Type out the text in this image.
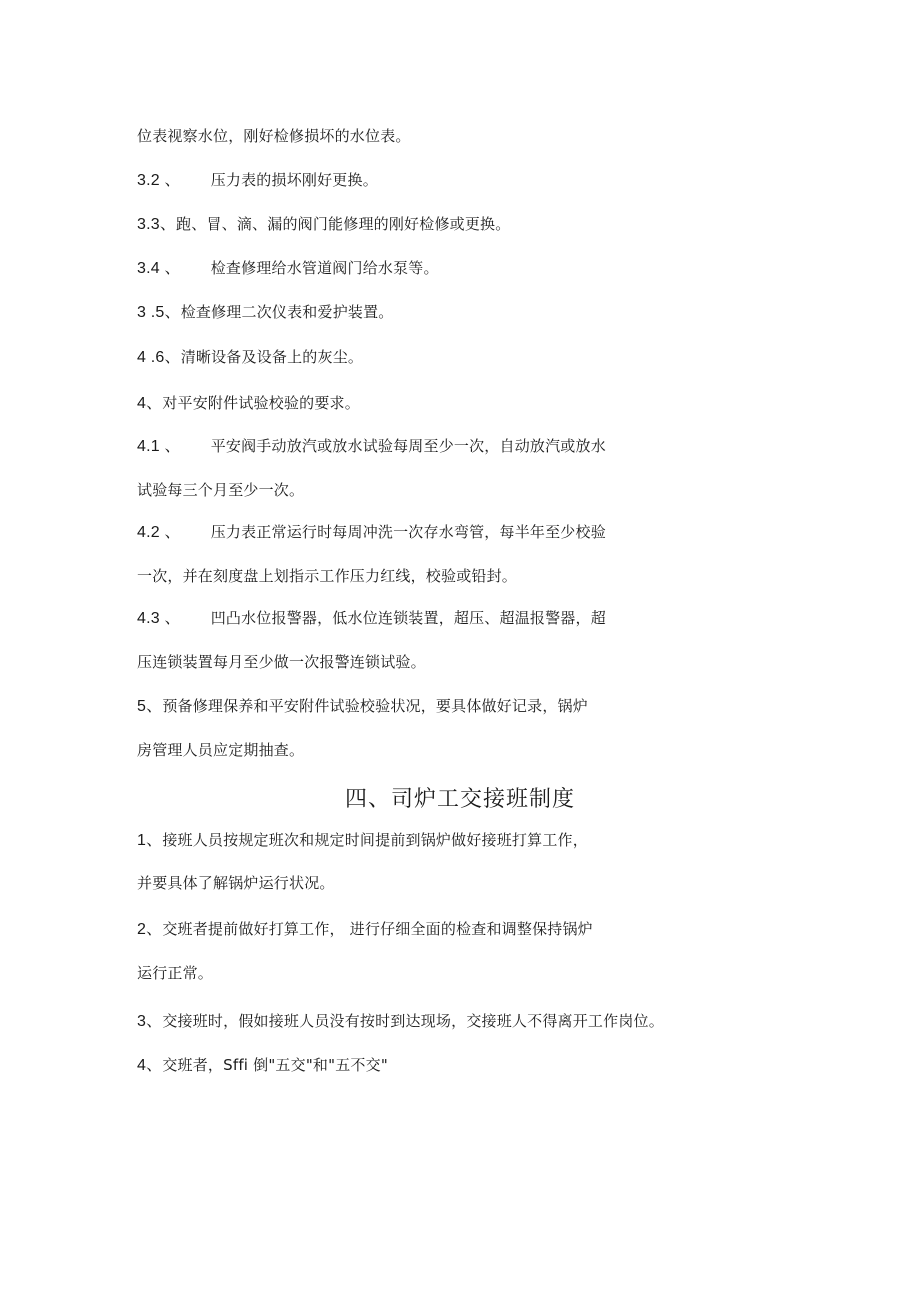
位表视察水位，刚好检修损坏的水位表。
3.2 、 压力表的损坏刚好更换。
3.3、跑、冒、滴、漏的阀门能修理的刚好检修或更换。
3.4 、 检查修理给水管道阀门给水泵等。
3 .5、检查修理二次仪表和爱护装置。
4 .6、清晰设备及设备上的灰尘。
4、对平安附件试验校验的要求。
4.1 、 平安阀手动放汽或放水试验每周至少一次，自动放汽或放水
试验每三个月至少一次。
4.2 、 压力表正常运行时每周冲洗一次存水弯管，每半年至少校验
一次，并在刻度盘上划指示工作压力红线，校验或铅封。
4.3 、 凹凸水位报警器，低水位连锁装置，超压、超温报警器，超
压连锁装置每月至少做一次报警连锁试验。
5、预备修理保养和平安附件试验校验状况，要具体做好记录，锅炉
房管理人员应定期抽查。
四、司炉工交接班制度
1、接班人员按规定班次和规定时间提前到锅炉做好接班打算工作，
并要具体了解锅炉运行状况。
2、交班者提前做好打算工作， 进行仔细全面的检查和调整保持锅炉
运行正常。
3、交接班时，假如接班人员没有按时到达现场，交接班人不得离开工作岗位。
4、交班者，Sffi 倒"五交"和"五不交"
